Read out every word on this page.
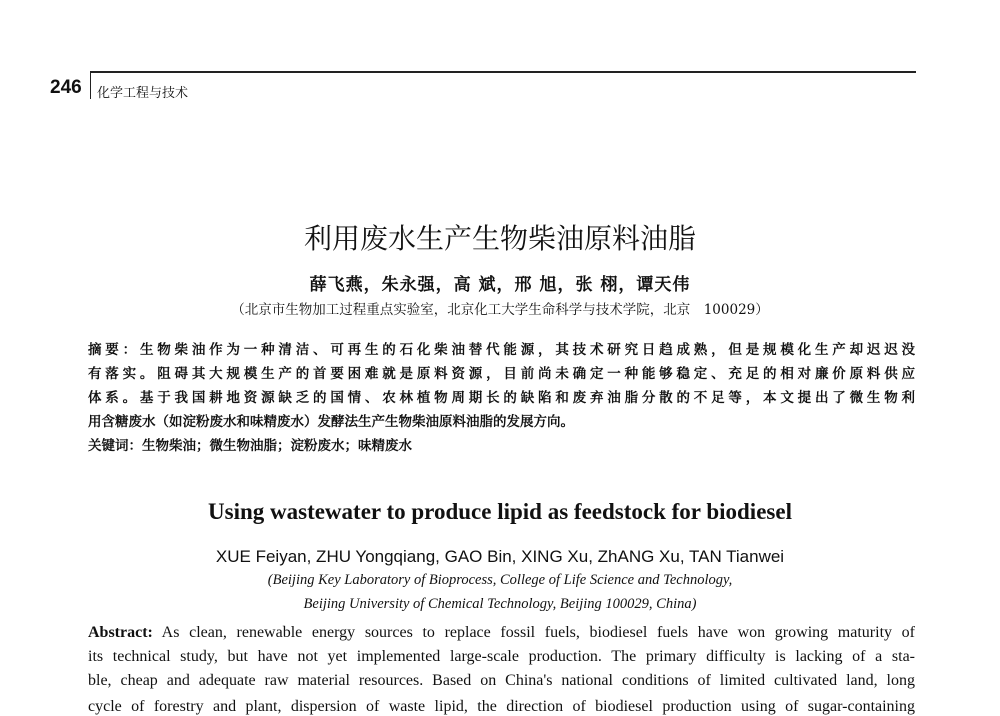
246 化学工程与技术
利用废水生产生物柴油原料油脂
薛飞燕，朱永强，高 斌，邢 旭，张 栩，谭天伟
（北京市生物加工过程重点实验室，北京化工大学生命科学与技术学院，北京　100029）
摘要：生物柴油作为一种清洁、可再生的石化柴油替代能源，其技术研究日趋成熟，但是规模化生产却迟迟没
有落实。阻碍其大规模生产的首要困难就是原料资源，目前尚未确定一种能够稳定、充足的相对廉价原料供应
体系。基于我国耕地资源缺乏的国情、农林植物周期长的缺陷和废弃油脂分散的不足等，本文提出了微生物利
用含糖废水（如淀粉废水和味精废水）发酵法生产生物柴油原料油脂的发展方向。
关键词：生物柴油；微生物油脂；淀粉废水；味精废水
Using wastewater to produce lipid as feedstock for biodiesel
XUE Feiyan, ZHU Yongqiang, GAO Bin, XING Xu, ZhANG Xu, TAN Tianwei
(Beijing Key Laboratory of Bioprocess, College of Life Science and Technology,
Beijing University of Chemical Technology, Beijing 100029, China)
Abstract: As clean, renewable energy sources to replace fossil fuels, biodiesel fuels have won growing maturity of
its technical study, but have not yet implemented large-scale production. The primary difficulty is lacking of a sta-
ble, cheap and adequate raw material resources. Based on China's national conditions of limited cultivated land, long
cycle of forestry and plant, dispersion of waste lipid, the direction of biodiesel production using of sugar-containing
